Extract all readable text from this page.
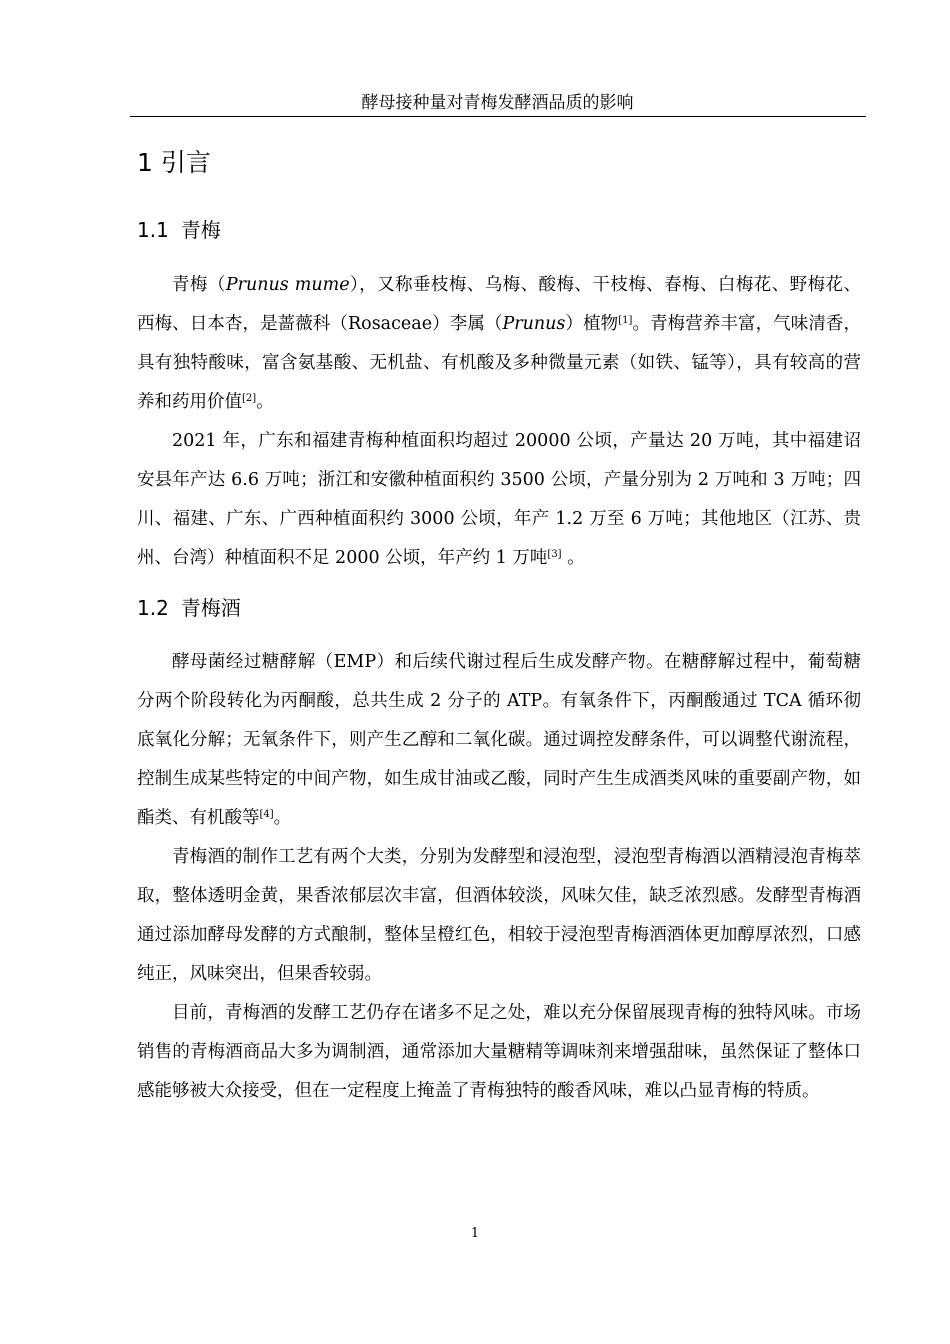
酵母接种量对青梅发酵酒品质的影响
1 引言
1.1 青梅
青梅（Prunus mume），又称垂枝梅、乌梅、酸梅、干枝梅、春梅、白梅花、野梅花、西梅、日本杏，是蔷薇科（Rosaceae）李属（Prunus）植物[1]。青梅营养丰富，气味清香，具有独特酸味，富含氨基酸、无机盐、有机酸及多种微量元素（如铁、锰等），具有较高的营养和药用价值[2]。
2021 年，广东和福建青梅种植面积均超过 20000 公顷，产量达 20 万吨，其中福建诏安县年产达 6.6 万吨；浙江和安徽种植面积约 3500 公顷，产量分别为 2 万吨和 3 万吨；四川、福建、广东、广西种植面积约 3000 公顷，年产 1.2 万至 6 万吨；其他地区（江苏、贵州、台湾）种植面积不足 2000 公顷，年产约 1 万吨[3] 。
1.2 青梅酒
酵母菌经过糖酵解（EMP）和后续代谢过程后生成发酵产物。在糖酵解过程中，葡萄糖分两个阶段转化为丙酮酸，总共生成 2 分子的 ATP。有氧条件下，丙酮酸通过 TCA 循环彻底氧化分解；无氧条件下，则产生乙醇和二氧化碳。通过调控发酵条件，可以调整代谢流程，控制生成某些特定的中间产物，如生成甘油或乙酸，同时产生生成酒类风味的重要副产物，如酯类、有机酸等[4]。
青梅酒的制作工艺有两个大类，分别为发酵型和浸泡型，浸泡型青梅酒以酒精浸泡青梅萃取，整体透明金黄，果香浓郁层次丰富，但酒体较淡，风味欠佳，缺乏浓烈感。发酵型青梅酒通过添加酵母发酵的方式酿制，整体呈橙红色，相较于浸泡型青梅酒酒体更加醇厚浓烈，口感纯正，风味突出，但果香较弱。
目前，青梅酒的发酵工艺仍存在诸多不足之处，难以充分保留展现青梅的独特风味。市场销售的青梅酒商品大多为调制酒，通常添加大量糖精等调味剂来增强甜味，虽然保证了整体口感能够被大众接受，但在一定程度上掩盖了青梅独特的酸香风味，难以凸显青梅的特质。
1
